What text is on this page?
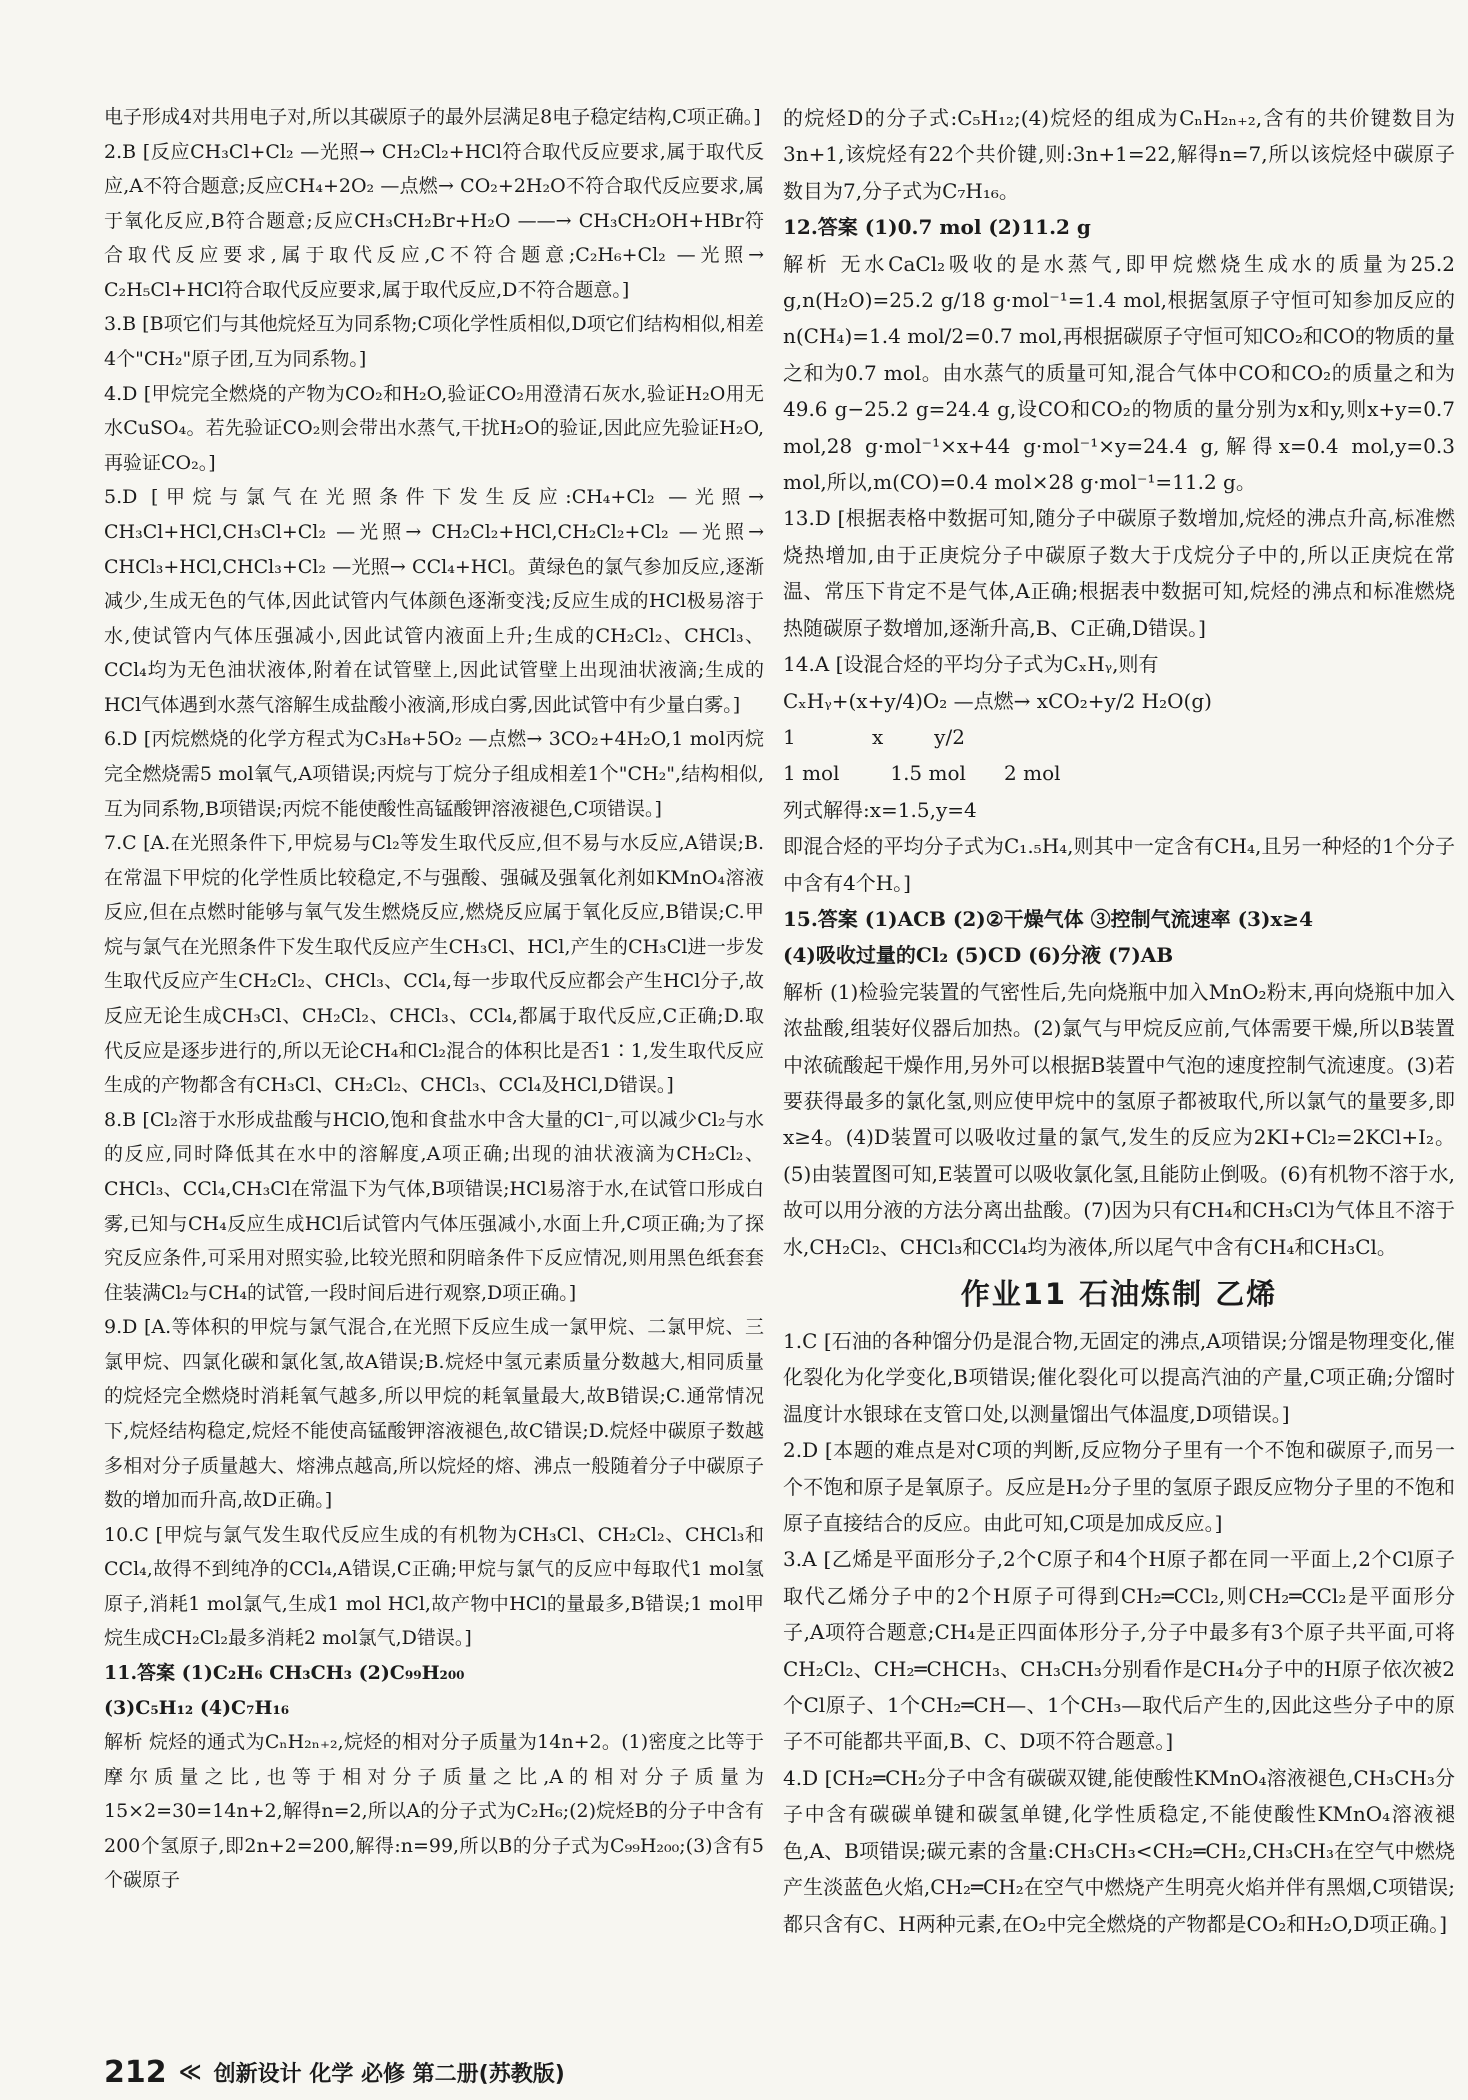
电子形成4对共用电子对,所以其碳原子的最外层满足8电子稳定结构,C项正确。]

2.B [反应CH₃Cl+Cl₂ —光照→ CH₂Cl₂+HCl符合取代反应要求,属于取代反应,A不符合题意;反应CH₄+2O₂ —点燃→ CO₂+2H₂O不符合取代反应要求,属于氧化反应,B符合题意;反应CH₃CH₂Br+H₂O ——→ CH₃CH₂OH+HBr符合取代反应要求,属于取代反应,C不符合题意;C₂H₆+Cl₂ —光照→ C₂H₅Cl+HCl符合取代反应要求,属于取代反应,D不符合题意。]

3.B [B项它们与其他烷烃互为同系物;C项化学性质相似,D项它们结构相似,相差4个"CH₂"原子团,互为同系物。]

4.D [甲烷完全燃烧的产物为CO₂和H₂O,验证CO₂用澄清石灰水,验证H₂O用无水CuSO₄。若先验证CO₂则会带出水蒸气,干扰H₂O的验证,因此应先验证H₂O,再验证CO₂。]

5.D [甲烷与氯气在光照条件下发生反应:CH₄+Cl₂ —光照→ CH₃Cl+HCl,CH₃Cl+Cl₂ —光照→ CH₂Cl₂+HCl,CH₂Cl₂+Cl₂ —光照→ CHCl₃+HCl,CHCl₃+Cl₂ —光照→ CCl₄+HCl。黄绿色的氯气参加反应,逐渐减少,生成无色的气体,因此试管内气体颜色逐渐变浅;反应生成的HCl极易溶于水,使试管内气体压强减小,因此试管内液面上升;生成的CH₂Cl₂、CHCl₃、CCl₄均为无色油状液体,附着在试管壁上,因此试管壁上出现油状液滴;生成的HCl气体遇到水蒸气溶解生成盐酸小液滴,形成白雾,因此试管中有少量白雾。]

6.D [丙烷燃烧的化学方程式为C₃H₈+5O₂ —点燃→ 3CO₂+4H₂O,1 mol丙烷完全燃烧需5 mol氧气,A项错误;丙烷与丁烷分子组成相差1个"CH₂",结构相似,互为同系物,B项错误;丙烷不能使酸性高锰酸钾溶液褪色,C项错误。]

7.C [A.在光照条件下,甲烷易与Cl₂等发生取代反应,但不易与水反应,A错误;B.在常温下甲烷的化学性质比较稳定,不与强酸、强碱及强氧化剂如KMnO₄溶液反应,但在点燃时能够与氧气发生燃烧反应,燃烧反应属于氧化反应,B错误;C.甲烷与氯气在光照条件下发生取代反应产生CH₃Cl、HCl,产生的CH₃Cl进一步发生取代反应产生CH₂Cl₂、CHCl₃、CCl₄,每一步取代反应都会产生HCl分子,故反应无论生成CH₃Cl、CH₂Cl₂、CHCl₃、CCl₄,都属于取代反应,C正确;D.取代反应是逐步进行的,所以无论CH₄和Cl₂混合的体积比是否1∶1,发生取代反应生成的产物都含有CH₃Cl、CH₂Cl₂、CHCl₃、CCl₄及HCl,D错误。]

8.B [Cl₂溶于水形成盐酸与HClO,饱和食盐水中含大量的Cl⁻,可以减少Cl₂与水的反应,同时降低其在水中的溶解度,A项正确;出现的油状液滴为CH₂Cl₂、CHCl₃、CCl₄,CH₃Cl在常温下为气体,B项错误;HCl易溶于水,在试管口形成白雾,已知与CH₄反应生成HCl后试管内气体压强减小,水面上升,C项正确;为了探究反应条件,可采用对照实验,比较光照和阴暗条件下反应情况,则用黑色纸套套住装满Cl₂与CH₄的试管,一段时间后进行观察,D项正确。]

9.D [A.等体积的甲烷与氯气混合,在光照下反应生成一氯甲烷、二氯甲烷、三氯甲烷、四氯化碳和氯化氢,故A错误;B.烷烃中氢元素质量分数越大,相同质量的烷烃完全燃烧时消耗氧气越多,所以甲烷的耗氧量最大,故B错误;C.通常情况下,烷烃结构稳定,烷烃不能使高锰酸钾溶液褪色,故C错误;D.烷烃中碳原子数越多相对分子质量越大、熔沸点越高,所以烷烃的熔、沸点一般随着分子中碳原子数的增加而升高,故D正确。]

10.C [甲烷与氯气发生取代反应生成的有机物为CH₃Cl、CH₂Cl₂、CHCl₃和CCl₄,故得不到纯净的CCl₄,A错误,C正确;甲烷与氯气的反应中每取代1 mol氢原子,消耗1 mol氯气,生成1 mol HCl,故产物中HCl的量最多,B错误;1 mol甲烷生成CH₂Cl₂最多消耗2 mol氯气,D错误。]

11.答案 (1)C₂H₆ CH₃CH₃ (2)C₉₉H₂₀₀

(3)C₅H₁₂ (4)C₇H₁₆

解析 烷烃的通式为CₙH₂ₙ₊₂,烷烃的相对分子质量为14n+2。(1)密度之比等于摩尔质量之比,也等于相对分子质量之比,A的相对分子质量为15×2=30=14n+2,解得n=2,所以A的分子式为C₂H₆;(2)烷烃B的分子中含有200个氢原子,即2n+2=200,解得:n=99,所以B的分子式为C₉₉H₂₀₀;(3)含有5个碳原子

的烷烃D的分子式:C₅H₁₂;(4)烷烃的组成为CₙH₂ₙ₊₂,含有的共价键数目为3n+1,该烷烃有22个共价键,则:3n+1=22,解得n=7,所以该烷烃中碳原子数目为7,分子式为C₇H₁₆。

12.答案 (1)0.7 mol (2)11.2 g

解析 无水CaCl₂吸收的是水蒸气,即甲烷燃烧生成水的质量为25.2 g,n(H₂O)=25.2 g/18 g·mol⁻¹=1.4 mol,根据氢原子守恒可知参加反应的n(CH₄)=1.4 mol/2=0.7 mol,再根据碳原子守恒可知CO₂和CO的物质的量之和为0.7 mol。由水蒸气的质量可知,混合气体中CO和CO₂的质量之和为49.6 g−25.2 g=24.4 g,设CO和CO₂的物质的量分别为x和y,则x+y=0.7 mol,28 g·mol⁻¹×x+44 g·mol⁻¹×y=24.4 g,解得x=0.4 mol,y=0.3 mol,所以,m(CO)=0.4 mol×28 g·mol⁻¹=11.2 g。

13.D [根据表格中数据可知,随分子中碳原子数增加,烷烃的沸点升高,标准燃烧热增加,由于正庚烷分子中碳原子数大于戊烷分子中的,所以正庚烷在常温、常压下肯定不是气体,A正确;根据表中数据可知,烷烃的沸点和标准燃烧热随碳原子数增加,逐渐升高,B、C正确,D错误。]

14.A [设混合烃的平均分子式为CₓHᵧ,则有

CₓHᵧ+(x+y/4)O₂ —点燃→ xCO₂+y/2 H₂O(g)

1            x        y/2

1 mol        1.5 mol      2 mol

列式解得:x=1.5,y=4

即混合烃的平均分子式为C₁.₅H₄,则其中一定含有CH₄,且另一种烃的1个分子中含有4个H。]

15.答案 (1)ACB (2)②干燥气体 ③控制气流速率 (3)x≥4

(4)吸收过量的Cl₂ (5)CD (6)分液 (7)AB

解析 (1)检验完装置的气密性后,先向烧瓶中加入MnO₂粉末,再向烧瓶中加入浓盐酸,组装好仪器后加热。(2)氯气与甲烷反应前,气体需要干燥,所以B装置中浓硫酸起干燥作用,另外可以根据B装置中气泡的速度控制气流速度。(3)若要获得最多的氯化氢,则应使甲烷中的氢原子都被取代,所以氯气的量要多,即x≥4。(4)D装置可以吸收过量的氯气,发生的反应为2KI+Cl₂=2KCl+I₂。(5)由装置图可知,E装置可以吸收氯化氢,且能防止倒吸。(6)有机物不溶于水,故可以用分液的方法分离出盐酸。(7)因为只有CH₄和CH₃Cl为气体且不溶于水,CH₂Cl₂、CHCl₃和CCl₄均为液体,所以尾气中含有CH₄和CH₃Cl。

作业11 石油炼制 乙烯

1.C [石油的各种馏分仍是混合物,无固定的沸点,A项错误;分馏是物理变化,催化裂化为化学变化,B项错误;催化裂化可以提高汽油的产量,C项正确;分馏时温度计水银球在支管口处,以测量馏出气体温度,D项错误。]

2.D [本题的难点是对C项的判断,反应物分子里有一个不饱和碳原子,而另一个不饱和原子是氧原子。反应是H₂分子里的氢原子跟反应物分子里的不饱和原子直接结合的反应。由此可知,C项是加成反应。]

3.A [乙烯是平面形分子,2个C原子和4个H原子都在同一平面上,2个Cl原子取代乙烯分子中的2个H原子可得到CH₂═CCl₂,则CH₂═CCl₂是平面形分子,A项符合题意;CH₄是正四面体形分子,分子中最多有3个原子共平面,可将CH₂Cl₂、CH₂═CHCH₃、CH₃CH₃分别看作是CH₄分子中的H原子依次被2个Cl原子、1个CH₂═CH—、1个CH₃—取代后产生的,因此这些分子中的原子不可能都共平面,B、C、D项不符合题意。]

4.D [CH₂═CH₂分子中含有碳碳双键,能使酸性KMnO₄溶液褪色,CH₃CH₃分子中含有碳碳单键和碳氢单键,化学性质稳定,不能使酸性KMnO₄溶液褪色,A、B项错误;碳元素的含量:CH₃CH₃<CH₂═CH₂,CH₃CH₃在空气中燃烧产生淡蓝色火焰,CH₂═CH₂在空气中燃烧产生明亮火焰并伴有黑烟,C项错误;都只含有C、H两种元素,在O₂中完全燃烧的产物都是CO₂和H₂O,D项正确。]

212 ≪ 创新设计 化学 必修 第二册(苏教版)
